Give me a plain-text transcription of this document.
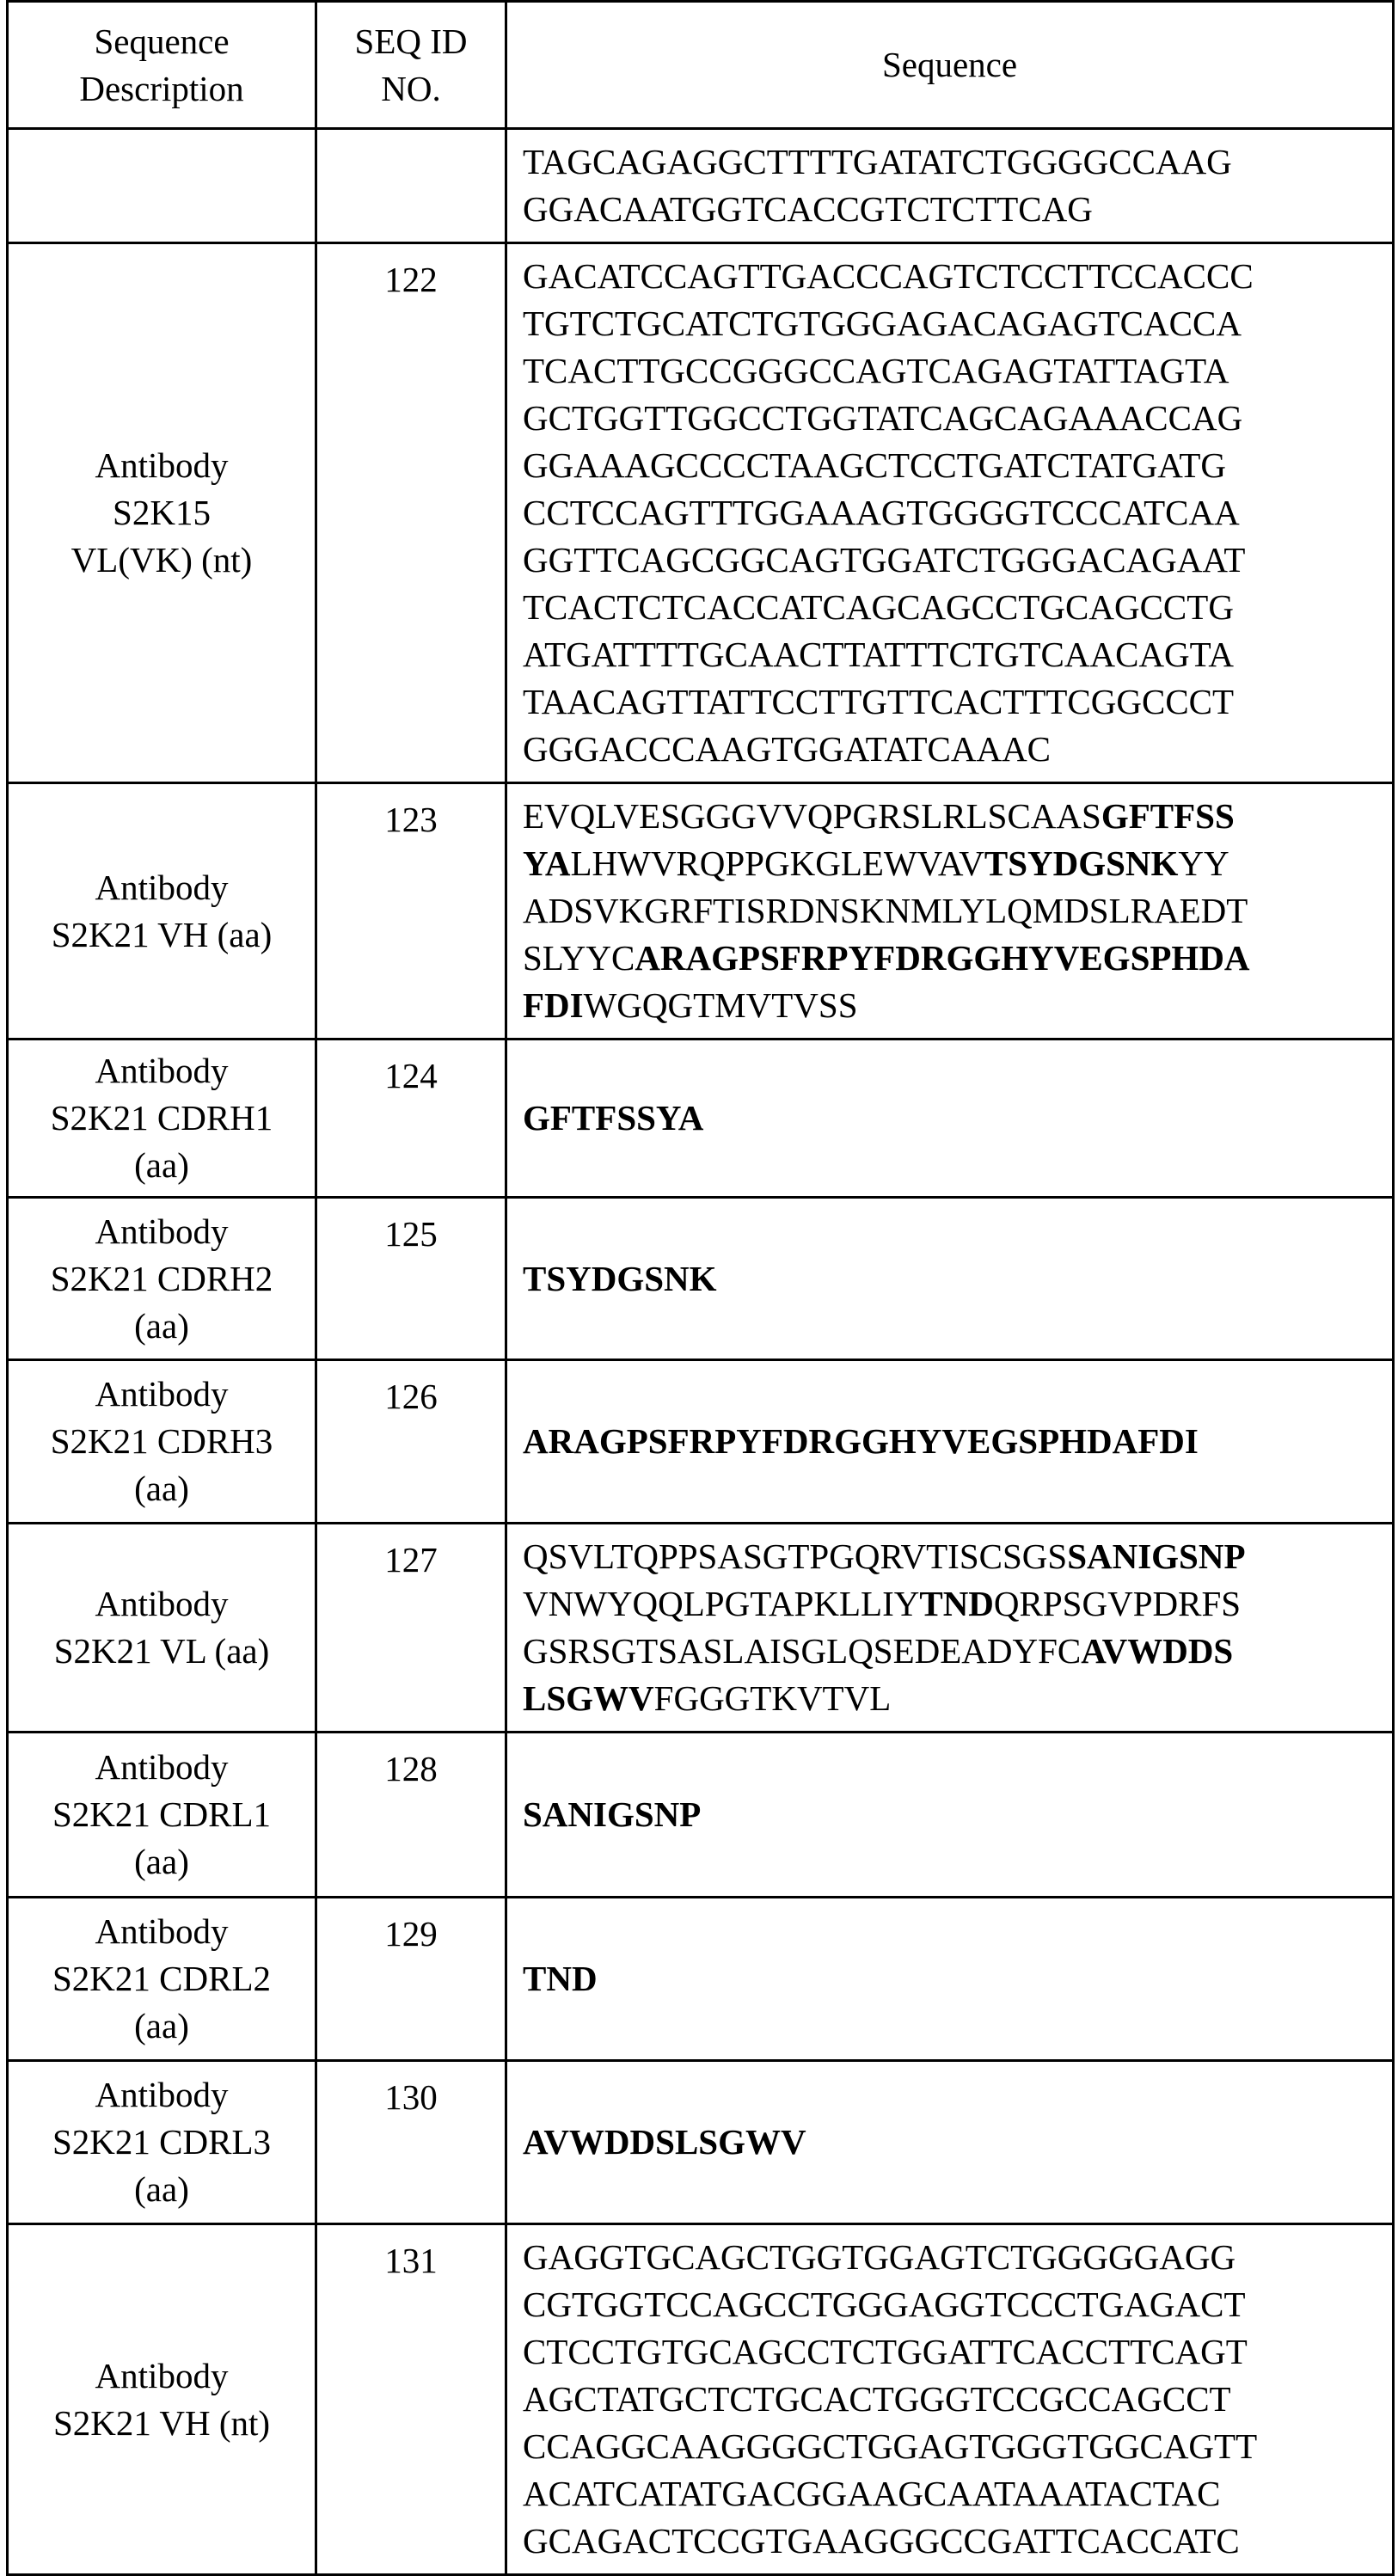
Sequence
Description

SEQ ID
NO.
	Sequence

TAGCAGAGGCTTTTGATATCTGGGGCCAAG
GGACAATGGTCACCGTCTCTTCAG

Antibody
S2K15
VL(VK) (nt)
	122	GACATCCAGTTGACCCAGTCTCCTTCCACCC
TGTCTGCATCTGTGGGAGACAGAGTCACCA
TCACTTGCCGGGCCAGTCAGAGTATTAGTA
GCTGGTTGGCCTGGTATCAGCAGAAACCAG
GGAAAGCCCCTAAGCTCCTGATCTATGATG
CCTCCAGTTTGGAAAGTGGGGTCCCATCAA
GGTTCAGCGGCAGTGGATCTGGGACAGAAT
TCACTCTCACCATCAGCAGCCTGCAGCCTG
ATGATTTTGCAACTTATTTCTGTCAACAGTA
TAACAGTTATTCCTTGTTCACTTTCGGCCCT
GGGACCCAAGTGGATATCAAAC

Antibody
S2K21 VH (aa)
	123	EVQLVESGGGVVQPGRSLRLSCAASGFTFSS
YALHWVRQPPGKGLEWVAVTSYDGSNKYY
ADSVKGRFTISRDNSKNMLYLQMDSLRAEDT
SLYYCARAGPSFRPYFDRGGHYVEGSPHDA
FDIWGQGTMVTVSS

Antibody
S2K21 CDRH1
(aa)
	124	
GFTFSSYA

Antibody
S2K21 CDRH2
(aa)
	125	
TSYDGSNK

Antibody
S2K21 CDRH3
(aa)
	126	
ARAGPSFRPYFDRGGHYVEGSPHDAFDI

Antibody
S2K21 VL (aa)
	127	QSVLTQPPSASGTPGQRVTISCSGSSANIGSNP
VNWYQQLPGTAPKLLIYTNDQRPSGVPDRFS
GSRSGTSASLAISGLQSEDEADYFCAVWDDS
LSGWVFGGGTKVTVL

Antibody
S2K21 CDRL1
(aa)
	128	
SANIGSNP

Antibody
S2K21 CDRL2
(aa)
	129	
TND

Antibody
S2K21 CDRL3
(aa)
	130	
AVWDDSLSGWV

Antibody
S2K21 VH (nt)
	131	GAGGTGCAGCTGGTGGAGTCTGGGGGAGG
CGTGGTCCAGCCTGGGAGGTCCCTGAGACT
CTCCTGTGCAGCCTCTGGATTCACCTTCAGT
AGCTATGCTCTGCACTGGGTCCGCCAGCCT
CCAGGCAAGGGGCTGGAGTGGGTGGCAGTT
ACATCATATGACGGAAGCAATAAATACTAC
GCAGACTCCGTGAAGGGCCGATTCACCATC
